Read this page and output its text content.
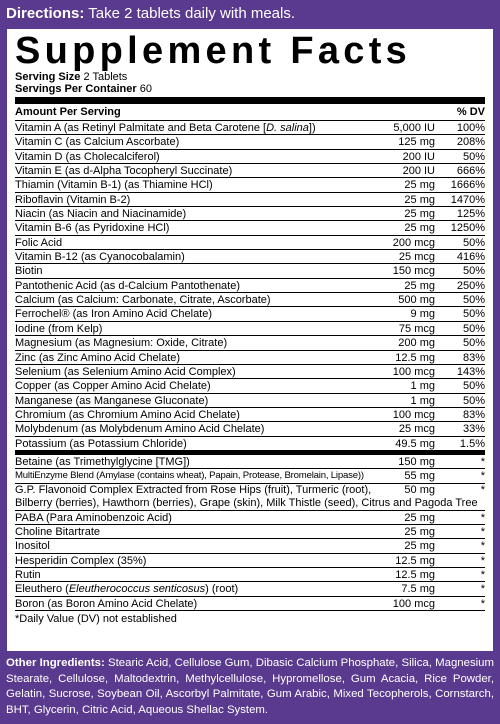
Directions: Take 2 tablets daily with meals.
Supplement Facts
Serving Size 2 Tablets
Servings Per Container 60
Amount Per Serving	% DV
Vitamin A (as Retinyl Palmitate and Beta Carotene [D. salina])	5,000 IU	100%
Vitamin C (as Calcium Ascorbate)	125 mg	208%
Vitamin D (as Cholecalciferol)	200 IU	50%
Vitamin E (as d-Alpha Tocopheryl Succinate)	200 IU	666%
Thiamin (Vitamin B-1) (as Thiamine HCl)	25 mg	1666%
Riboflavin (Vitamin B-2)	25 mg	1470%
Niacin (as Niacin and Niacinamide)	25 mg	125%
Vitamin B-6 (as Pyridoxine HCl)	25 mg	1250%
Folic Acid	200 mcg	50%
Vitamin B-12 (as Cyanocobalamin)	25 mcg	416%
Biotin	150 mcg	50%
Pantothenic Acid (as d-Calcium Pantothenate)	25 mg	250%
Calcium (as Calcium: Carbonate, Citrate, Ascorbate)	500 mg	50%
Ferrochel® (as Iron Amino Acid Chelate)	9 mg	50%
Iodine (from Kelp)	75 mcg	50%
Magnesium (as Magnesium: Oxide, Citrate)	200 mg	50%
Zinc (as Zinc Amino Acid Chelate)	12.5 mg	83%
Selenium (as Selenium Amino Acid Complex)	100 mcg	143%
Copper (as Copper Amino Acid Chelate)	1 mg	50%
Manganese (as Manganese Gluconate)	1 mg	50%
Chromium (as Chromium Amino Acid Chelate)	100 mcg	83%
Molybdenum (as Molybdenum Amino Acid Chelate)	25 mcg	33%
Potassium (as Potassium Chloride)	49.5 mg	1.5%
Betaine (as Trimethylglycine [TMG])	150 mg	*
MultiEnzyme Blend (Amylase (contains wheat), Papain, Protease, Bromelain, Lipase))	55 mg	*
G.P. Flavonoid Complex Extracted from Rose Hips (fruit), Turmeric (root),	50 mg	*
Bilberry (berries), Hawthorn (berries), Grape (skin), Milk Thistle (seed), Citrus and Pagoda Tree
PABA (Para Aminobenzoic Acid)	25 mg	*
Choline Bitartrate	25 mg	*
Inositol	25 mg	*
Hesperidin Complex (35%)	12.5 mg	*
Rutin	12.5 mg	*
Eleuthero (Eleutherococcus senticosus) (root)	7.5 mg	*
Boron (as Boron Amino Acid Chelate)	100 mcg	*
*Daily Value (DV) not established
Other Ingredients: Stearic Acid, Cellulose Gum, Dibasic Calcium Phosphate, Silica, Magnesium Stearate, Cellulose, Maltodextrin, Methylcellulose, Hypromellose, Gum Acacia, Rice Powder, Gelatin, Sucrose, Soybean Oil, Ascorbyl Palmitate, Gum Arabic, Mixed Tecopherols, Cornstarch, BHT, Glycerin, Citric Acid, Aqueous Shellac System.
